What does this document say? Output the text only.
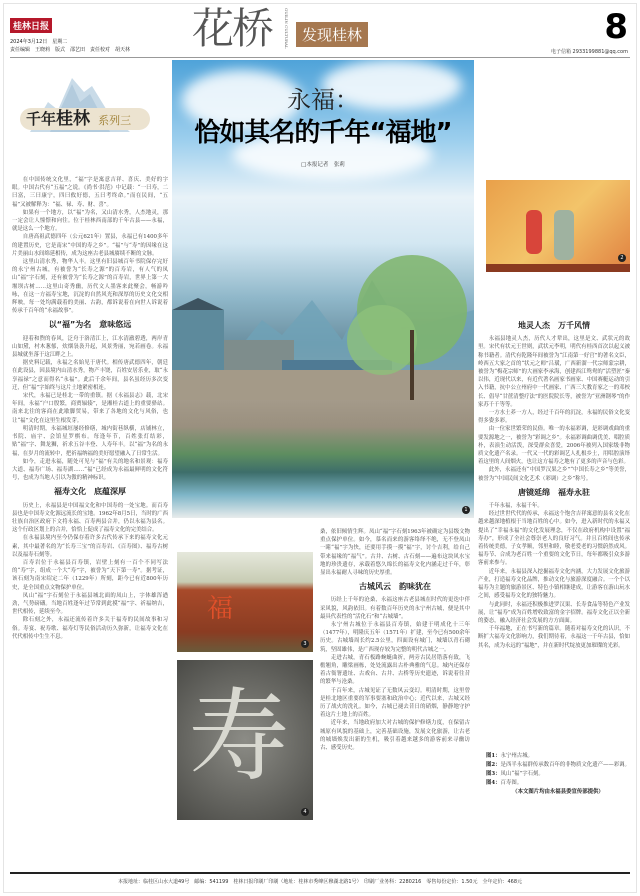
桂林日报
2024年3月12日　星期二
责任编辑　王晓莉　版式　邵艺田　责任校对　胡天林 花桥	GUILIN CULTURAL 发现桂林	8
电子信箱 2933199881@qq.com
千年桂林 系列三

在中国传统文化里，“福”字是寓意吉祥、喜庆、美好的字眼。中国古代有“五福”之说。《尚书·洪范》中记载：“一曰寿，二曰富，三曰康宁，四曰攸好德，五曰考终命。”而在民间，“五福”又被解释为：“福、禄、寿、财、喜”。

如果有一个地方，以“福”为名，又山清水秀，人杰地灵，那一定会让人憧憬和向往。位于桂林西南部的千年古县——永福，就是这么一个地方。

自唐高祖武德四年（公元621年）置县，永福已有1400多年的建置历史，它是南宋“中国的寿之乡”。“福”与“寿”的因缘在这片美丽山水间绵延相传，成为这座古老县城赓续不断的文脉。

这里山清水秀，物华人丰。这里有旧县城百年书院保存完好的永宁州古城，有被誉为“长寿之源”的百寿岩，有人气的凤山“福”字石刻，还有被誉为“长寿之源”的百寿岩，世界上第一大堰坝古树……这里山奇秀幽，历代文人墨客来此聚会，畅游吟咏，在这一方福寿宝地，沉淀的自然风光和深厚的历史文化交相辉映，每一处均满载着的美丽、古韵，都诉说着在向世人诉说着传承千百年的“永福故事”。

以“福”为名　意味悠远

迎着和煦的春风，泛舟于洛清江上，江水清澈碧透，两岸青山如黛，村木葱郁，炊烟袅袅升起，风景秀丽，宛若画卷。永福县城就坐落于这江畔之上。

据史料记载，永福之名始见于唐代。相传唐武德四年，朝廷在此设县，因县境内山清水秀，物产丰饶，百姓安居乐业，取“永享福禄”之意而得名“永福”。此后千余年间，县名虽经历多次变迁，但“福”字始终与这片土地紧密相连。

宋代，永福已是桂北一带的重镇。据《永福县志》载，北宋年间，永福“户口殷繁，商贾辐辏”，是湘桂古道上的重要驿站。南来北往的客商在此歇脚贸易，带来了各地的文化与风俗，也让“福”文化在这里生根发芽。

明清时期，永福城垣屡经修缮，城内街巷纵横，店铺林立，书院、庙宇、会馆星罗棋布。每逢年节，百姓张灯结彩，贴“福”字、舞龙狮，祈求五谷丰登、人寿年丰。以“福”为名的永福，在岁月的流转中，把祈福纳福的美好愿望融入了日常生活。

如今，走进永福，随处可见与“福”有关的地名和景观：福寿大道、福寿广场、福寿湖……“福”已经成为永福最鲜明的文化符号，也成为当地人引以为傲的精神标识。

福寿文化　底蕴深厚

历史上，永福县是中国福文化和中国寿的一处宝地。而百寿县也是中国寿文化源远流长的宝地。1962年8月5日，当时的广西壮族自治区政府下文将永福、百寿两县合并，仍以永福为县名。这个行政区划上的合并，恰恰上促成了福寿文化的完美结合。

在永福县境内至今仍保存着许多古代传承下来的福寿文化元素，其中最著名的为“长寿三宝”的百寿岩、《百寿图》、福寿古树以及福寿石刻等。

百寿岩位于永福县百寿镇，岩壁上刻有一百个不同写法的“寿”字，组成一个大“寿”字，被誉为“天下第一寿”。据考证，该石刻为南宋绍定二年（1229年）所刻，距今已有近800年历史，是全国重点文物保护单位。

凤山“福”字石刻位于永福县城北面的凤山上，字体雄浑遒劲，气势磅礴。当地百姓逢年过节常到此摸“福”字、祈福纳吉，世代相传，延续至今。

除石刻之外，永福还流传着许多关于福寿的民间故事和习俗。寿宴、祝寿歌、福寿灯等民俗活动历久弥新，让福寿文化在代代相传中生生不息。

永福：
恰如其名的千年“福地”
□本报记者　张莉
1
2
福
3
寿
4

桑，依旧倾情生辉。凤山“福”字石刻1963年被确定为县级文物重点保护单位。如今，慕名而来的游客络绎不绝，无不登凤山一睹“福”字为快，还要用手摸一摸“福”字，讨个吉利，给自己带来福缘的“福气”。古井、古树、古石刻——遍布这块风水宝地的珍贵遗存，承载着悠久绵长的福寿文化内涵走过千年，彰显出永福耐人寻味的历史厚重。

古城风云　韵味犹在

历经上千年的沧桑，永福这座古老县城在时代的更迭中伴采风貌，风韵依旧。有着数百年历史的永宁州古城，便是其中最具代表性的“活化石”和“古城墙”。

永宁州古城位于永福县百寿镇，始建于明成化十三年（1477年），明隆庆五年（1571年）扩建，至今已有500余年历史。古城墙周长约2.5公里，四面设有城门，城墙以青石砌筑，坚固雄伟，是广西现存较为完整的明代古城之一。

走进古城，青石板路蜿蜒曲折，两旁古民居错落有致，飞檐翘角，雕梁画栋，处处流露出古朴典雅的气息。城内还保存着古衙署遗址、古戏台、古井、古桥等历史遗迹，诉说着往昔的繁华与沧桑。

千百年来，古城见证了无数风云变幻。明清时期，这里曾是桂北地区重要的军事要塞和政治中心；近代以来，古城又经历了战火的洗礼。如今，古城已褪去昔日的硝烟，静静地守护着这片土地上的百姓。

近年来，当地政府加大对古城的保护修缮力度，在保留古城原有风貌的基础上，完善基础设施，发展文化旅游，让古老的城墙焕发出新的生机，吸引着越来越多的游客前来寻幽访古、感受历史。

地灵人杰　万千风情

永福县地灵人杰，历代人才辈出，这里是文、武状元的故里。宋代有状元王世则，武状元李明，明代有桂西首次以起义被称书籍者。清代有乾隆年间被誉为“江南第一好官”的著名文臣，岭西五大家之首的“状元之师”吕璜，广西新溜一代宗师蒙宗耕，被誉为“梅花宗师”的大画家李承海，创建西江鸳鸯的“活塑匠”秦以伟，近现代以来，有近代著名画家书画家、中国赛艇运动的引入书籍，抗中公立州府中一代画家、广西三大教育家之一的邓校长、倡导“甘蔗清整疗法”的医院院长等，被誉为“亚洲钢琴”的作家苏千千等等。

一方水土养一方人，经过千百年的沉淀，永福的民俗文化变得多姿多彩。

由一位家世繁荣的民俗。唯一的永福彩调，是彩调戏曲的重要发源地之一，被誉为“彩调之乡”。永福彩调曲调优美、唱腔质朴，表演生动活泼，深受群众喜爱，2006年被列入国家级非物质文化遗产名录。一代又一代的彩调艺人扎根乡土，用唱腔演绎着这里的人间烟火，也让这方福寿之地有了更多的声音与色彩。

此外，永福还有“中国罗汉果之乡”“中国长寿之乡”等美誉，被誉为“中国民间文化艺术（彩调）之乡”称号。

唐镜延绵　福寿永驻

千年永福，永福千年。

经过世世代代的传承，永福这个饱含吉祥寓意的县名文化在越来越深地植根于当地百姓的心中。如今，进入新时代的永福又提出了“幸福永福”的文化发展理念，不仅在政府机构中设置“福寿办”，形成了全社会尊崇老人的良好习气。并且百姓间也传承着传统美德，子女孝顺，邻里和睦，敬老爱老的习惯蔚然成风。福寿节、合成为老百姓一个重要的文化节日，每年都吸引众多游客前来参与。

近年来，永福县深入挖掘福寿文化内涵，大力发展文化旅游产业，打造福寿文化品牌，推动文化与旅游深度融合。一个个以福寿为主题的旅游景区、特色小镇相继建成，让游客在游山玩水之间，感受福寿文化的独特魅力。

与此同时，永福还积极推进罗汉果、长寿食品等特色产业发展，让“福寿”成为百姓增收致富的金字招牌。福寿文化正以全新的姿态，融入经济社会发展的方方面面。

千年福地，正在书写新的篇章。随着对福寿文化的认识，不断扩大福寿文化影响力，我们期待着，永福这一千年古县，恰如其名，成为永远的“福地”，并在新时代绽放更加璀璨的光彩。

图1：永宁州古城。
图2：是西半永福群传承数百年的非物质文化遗产——彩调。
图3：凤山“福”字石刻。
图4：百寿图。
（本文图片均由永福县委宣传部提供）
本报地址：临桂区山水大道49号　邮编：541199　桂林日报印刷厂印刷（地址：桂林市秀峰区穆湖北路1号）　印刷厂业务科：2280216　零售每份定价：1.50元　全年定价：468元
